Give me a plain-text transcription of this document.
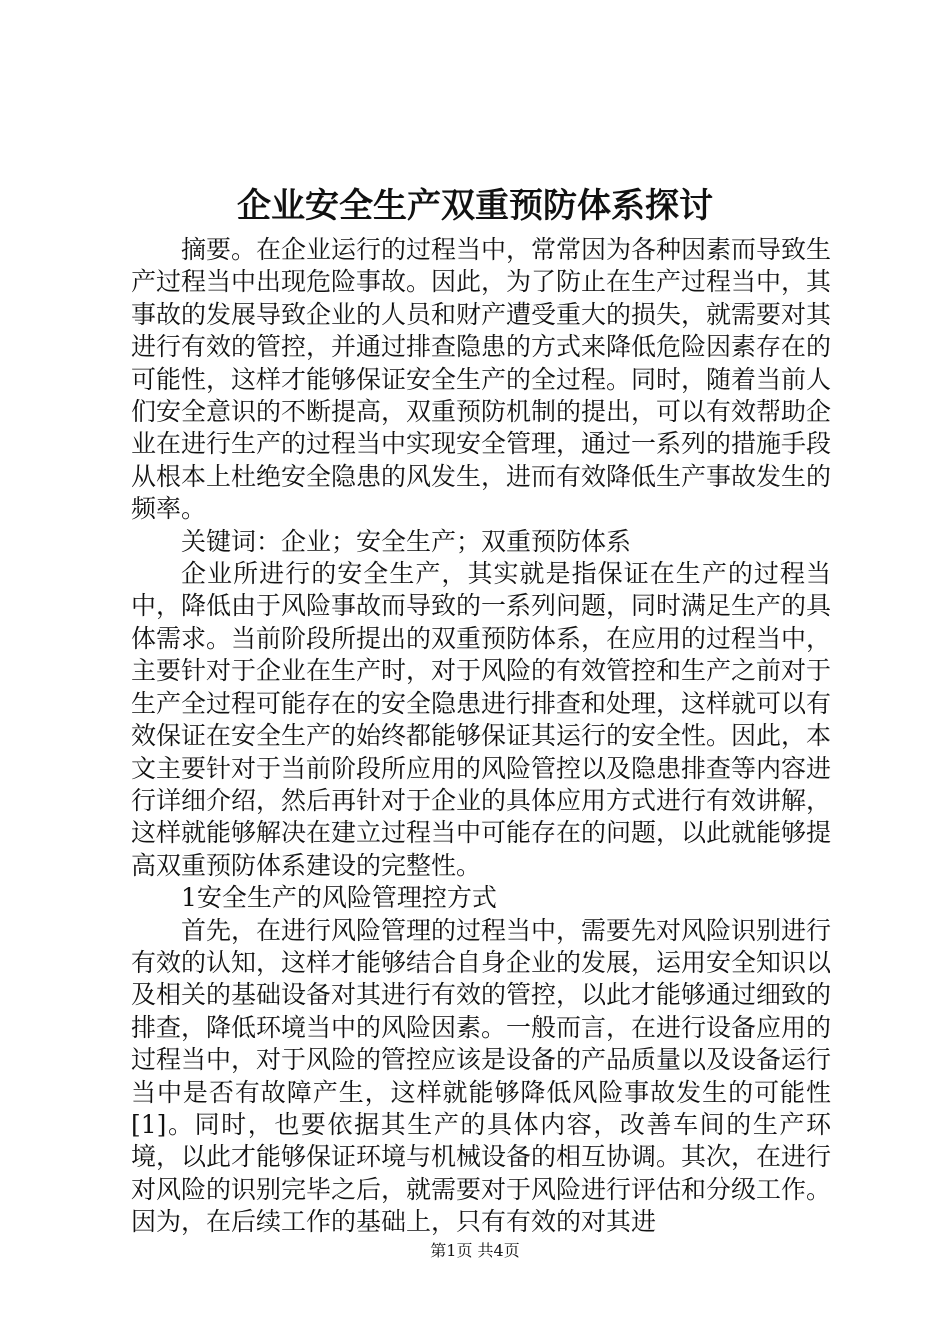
企业安全生产双重预防体系探讨

摘要。在企业运行的过程当中，常常因为各种因素而导致生产过程当中出现危险事故。因此，为了防止在生产过程当中，其事故的发展导致企业的人员和财产遭受重大的损失，就需要对其进行有效的管控，并通过排查隐患的方式来降低危险因素存在的可能性，这样才能够保证安全生产的全过程。同时，随着当前人们安全意识的不断提高，双重预防机制的提出，可以有效帮助企业在进行生产的过程当中实现安全管理，通过一系列的措施手段从根本上杜绝安全隐患的风发生，进而有效降低生产事故发生的频率。

关键词：企业；安全生产；双重预防体系

企业所进行的安全生产，其实就是指保证在生产的过程当中，降低由于风险事故而导致的一系列问题，同时满足生产的具体需求。当前阶段所提出的双重预防体系，在应用的过程当中，主要针对于企业在生产时，对于风险的有效管控和生产之前对于生产全过程可能存在的安全隐患进行排查和处理，这样就可以有效保证在安全生产的始终都能够保证其运行的安全性。因此，本文主要针对于当前阶段所应用的风险管控以及隐患排查等内容进行详细介绍，然后再针对于企业的具体应用方式进行有效讲解，这样就能够解决在建立过程当中可能存在的问题，以此就能够提高双重预防体系建设的完整性。

1安全生产的风险管理控方式

首先，在进行风险管理的过程当中，需要先对风险识别进行有效的认知，这样才能够结合自身企业的发展，运用安全知识以及相关的基础设备对其进行有效的管控，以此才能够通过细致的排查，降低环境当中的风险因素。一般而言，在进行设备应用的过程当中，对于风险的管控应该是设备的产品质量以及设备运行当中是否有故障产生，这样就能够降低风险事故发生的可能性[1]。同时，也要依据其生产的具体内容，改善车间的生产环境，以此才能够保证环境与机械设备的相互协调。其次，在进行对风险的识别完毕之后，就需要对于风险进行评估和分级工作。因为，在后续工作的基础上，只有有效的对其进

第1页 共4页
